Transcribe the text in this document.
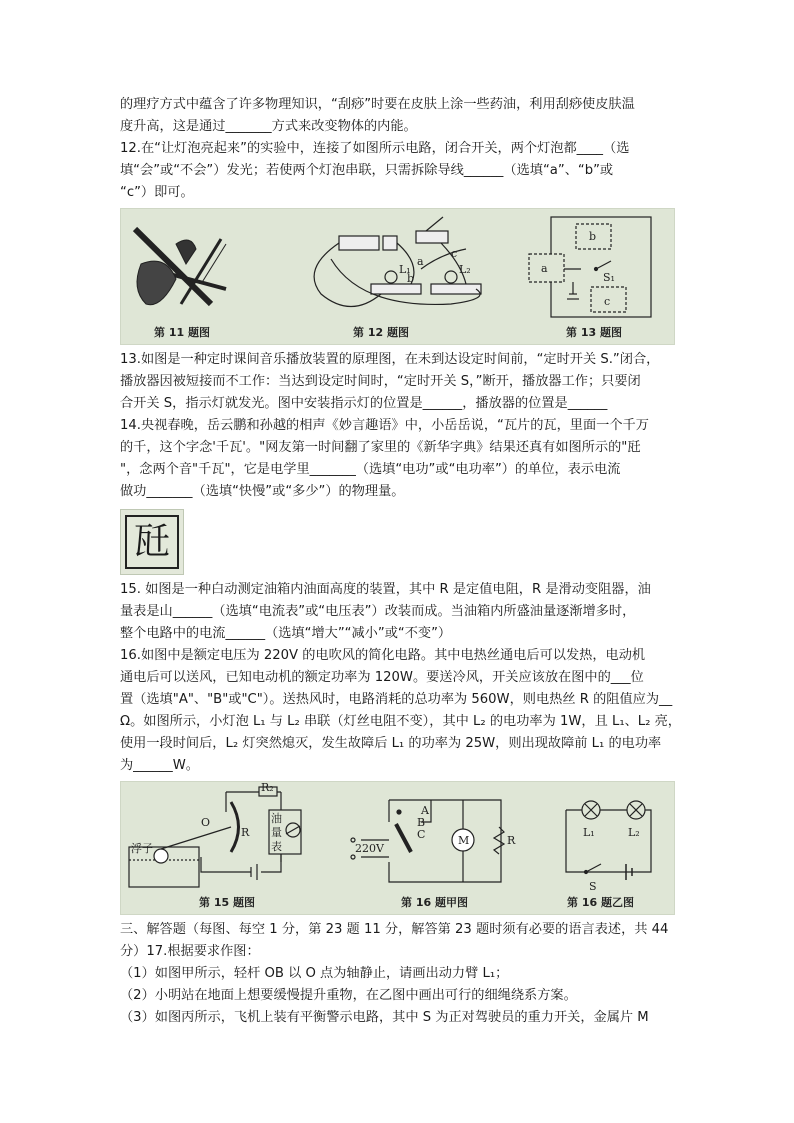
的理疗方式中蕴含了许多物理知识，“刮痧”时要在皮肤上涂一些药油，利用刮痧使皮肤温
度升高，这是通过_______方式来改变物体的内能。
12.在“让灯泡亮起来”的实验中，连接了如图所示电路，闭合开关，两个灯泡都____（选
填“会”或“不会”）发光；若使两个灯泡串联，只需拆除导线______（选填“a”、“b”或
“c”）即可。
第 11 题图
a
b
c
L₁	L₂
第 12 题图
a
b
c
S₁
第 13 题图
13.如图是一种定时课间音乐播放装置的原理图，在未到达设定时间前，“定时开关 S.”闭合，
播放器因被短接而不工作：当达到设定时间时，“定时开关 S，”断开，播放器工作；只要闭
合开关 S，指示灯就发光。图中安装指示灯的位置是______，播放器的位置是______
14.央视春晚，岳云鹏和孙越的相声《妙言趣语》中，小岳岳说，“瓦片的瓦，里面一个千万
的千，这个字念'千瓦'。"网友第一时间翻了家里的《新华字典》结果还真有如图所示的"瓩
"，念两个音"千瓦"，它是电学里_______（选填“电功”或“电功率”）的单位，表示电流
做功_______（选填“快慢”或“多少”）的物理量。
瓩
15. 如图是一种白动测定油箱内油面高度的装置，其中 R 是定值电阻，R 是滑动变阻器，油
量表是山______（选填“电流表”或“电压表”）改装而成。当油箱内所盛油量逐渐增多时，
整个电路中的电流______（选填“增大”“减小”或“不变”）
16.如图中是额定电压为 220V 的电吹风的简化电路。其中电热丝通电后可以发热，电动机
通电后可以送风，已知电动机的额定功率为 120W。要送冷风，开关应该放在图中的___位
置（选填"A"、"B"或"C"）。送热风时，电路消耗的总功率为 560W，则电热丝 R 的阻值应为__
Ω。如图所示，小灯泡 L₁ 与 L₂ 串联（灯丝电阻不变），其中 L₂ 的电功率为 1W，且 L₁、L₂ 亮，
使用一段时间后，L₂ 灯突然熄灭，发生故障后 L₁ 的功率为 25W，则出现故障前 L₁ 的电功率
为______W。
R₂
O
R
浮子
油
量
表
第 15 题图
A
B
C
220V
M	R
第 16 题甲图
L₁	L₂
S
第 16 题乙图
三、解答题（每图、每空 1 分，第 23 题 11 分，解答第 23 题时须有必要的语言表述，共 44
分）17.根据要求作图：
（1）如图甲所示，轻杆 OB 以 O 点为轴静止，请画出动力臂 L₁；
（2）小明站在地面上想要缓慢提升重物，在乙图中画出可行的细绳绕系方案。
（3）如图丙所示，飞机上装有平衡警示电路，其中 S 为正对驾驶员的重力开关，金属片 M
